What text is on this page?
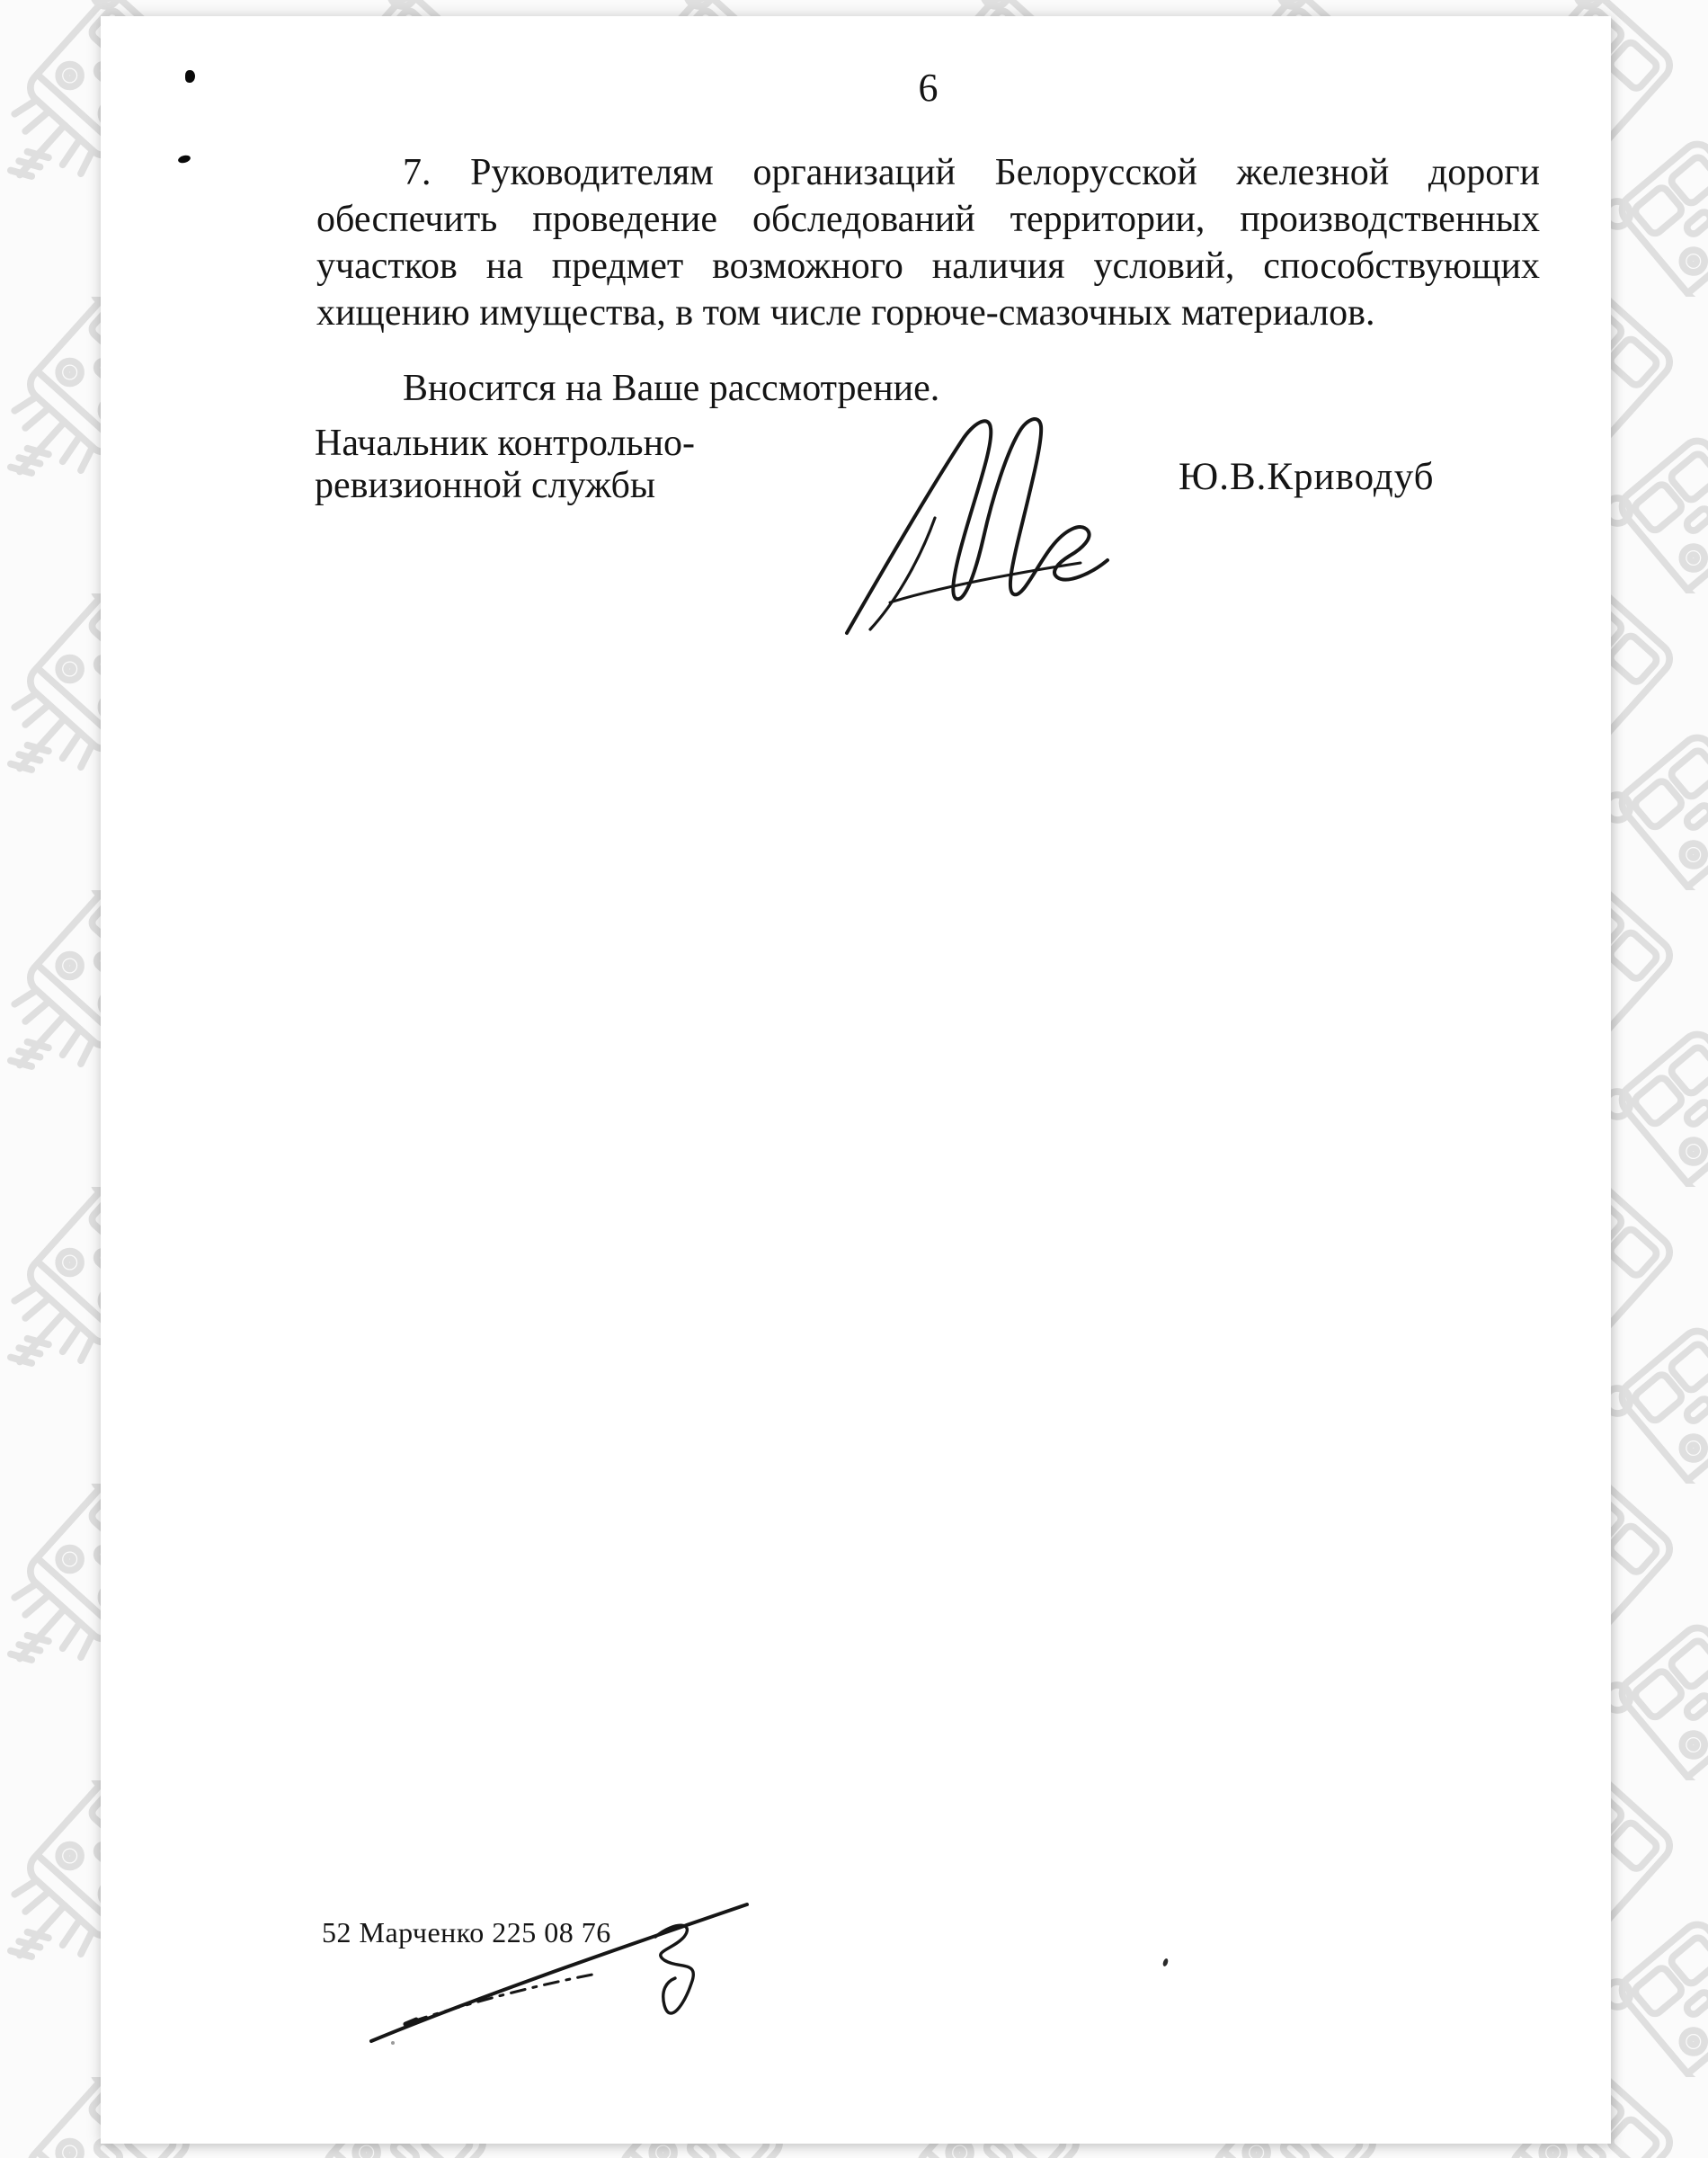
6
7. Руководителям организаций Белорусской железной дороги
обеспечить проведение обследований территории, производственных
участков на предмет возможного наличия условий, способствующих
хищению имущества, в том числе горюче-смазочных материалов.
Вносится на Ваше рассмотрение.
Начальник контрольно-
ревизионной службы	Ю.В.Криводуб
52 Марченко 225 08 76
